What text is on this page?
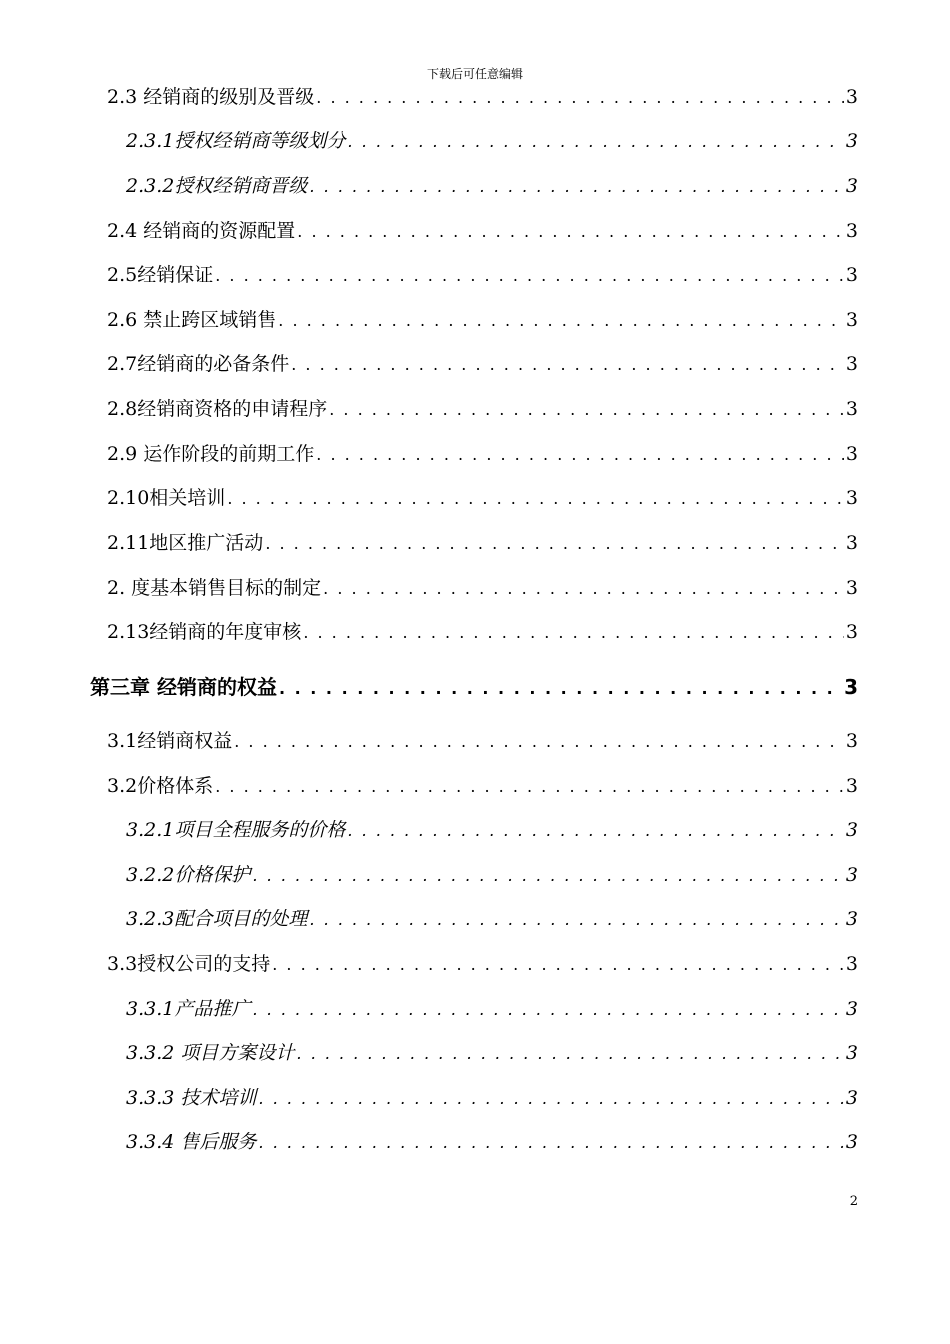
下载后可任意编辑
2.3 经销商的级别及晋级 . . .	3
2.3.1授权经销商等级划分 . . .	3
2.3.2授权经销商晋级 . . .	3
2.4 经销商的资源配置 . . .	3
2.5经销保证 . . .	3
2.6 禁止跨区域销售 . . .	3
2.7经销商的必备条件 . . .	3
2.8经销商资格的申请程序 . . .	3
2.9 运作阶段的前期工作 . . .	3
2.10相关培训 . . .	3
2.11地区推广活动 . . .	3
2. 度基本销售目标的制定 . . .	3
2.13经销商的年度审核 . . .	3
第三章 经销商的权益 . . .	3
3.1经销商权益 . . .	3
3.2价格体系 . . .	3
3.2.1项目全程服务的价格 . . .	3
3.2.2价格保护 . . .	3
3.2.3配合项目的处理 . . .	3
3.3授权公司的支持 . . .	3
3.3.1产品推广 . . .	3
3.3.2 项目方案设计 . . .	3
3.3.3 技术培训 . . .	3
3.3.4 售后服务 . . .	3
2
